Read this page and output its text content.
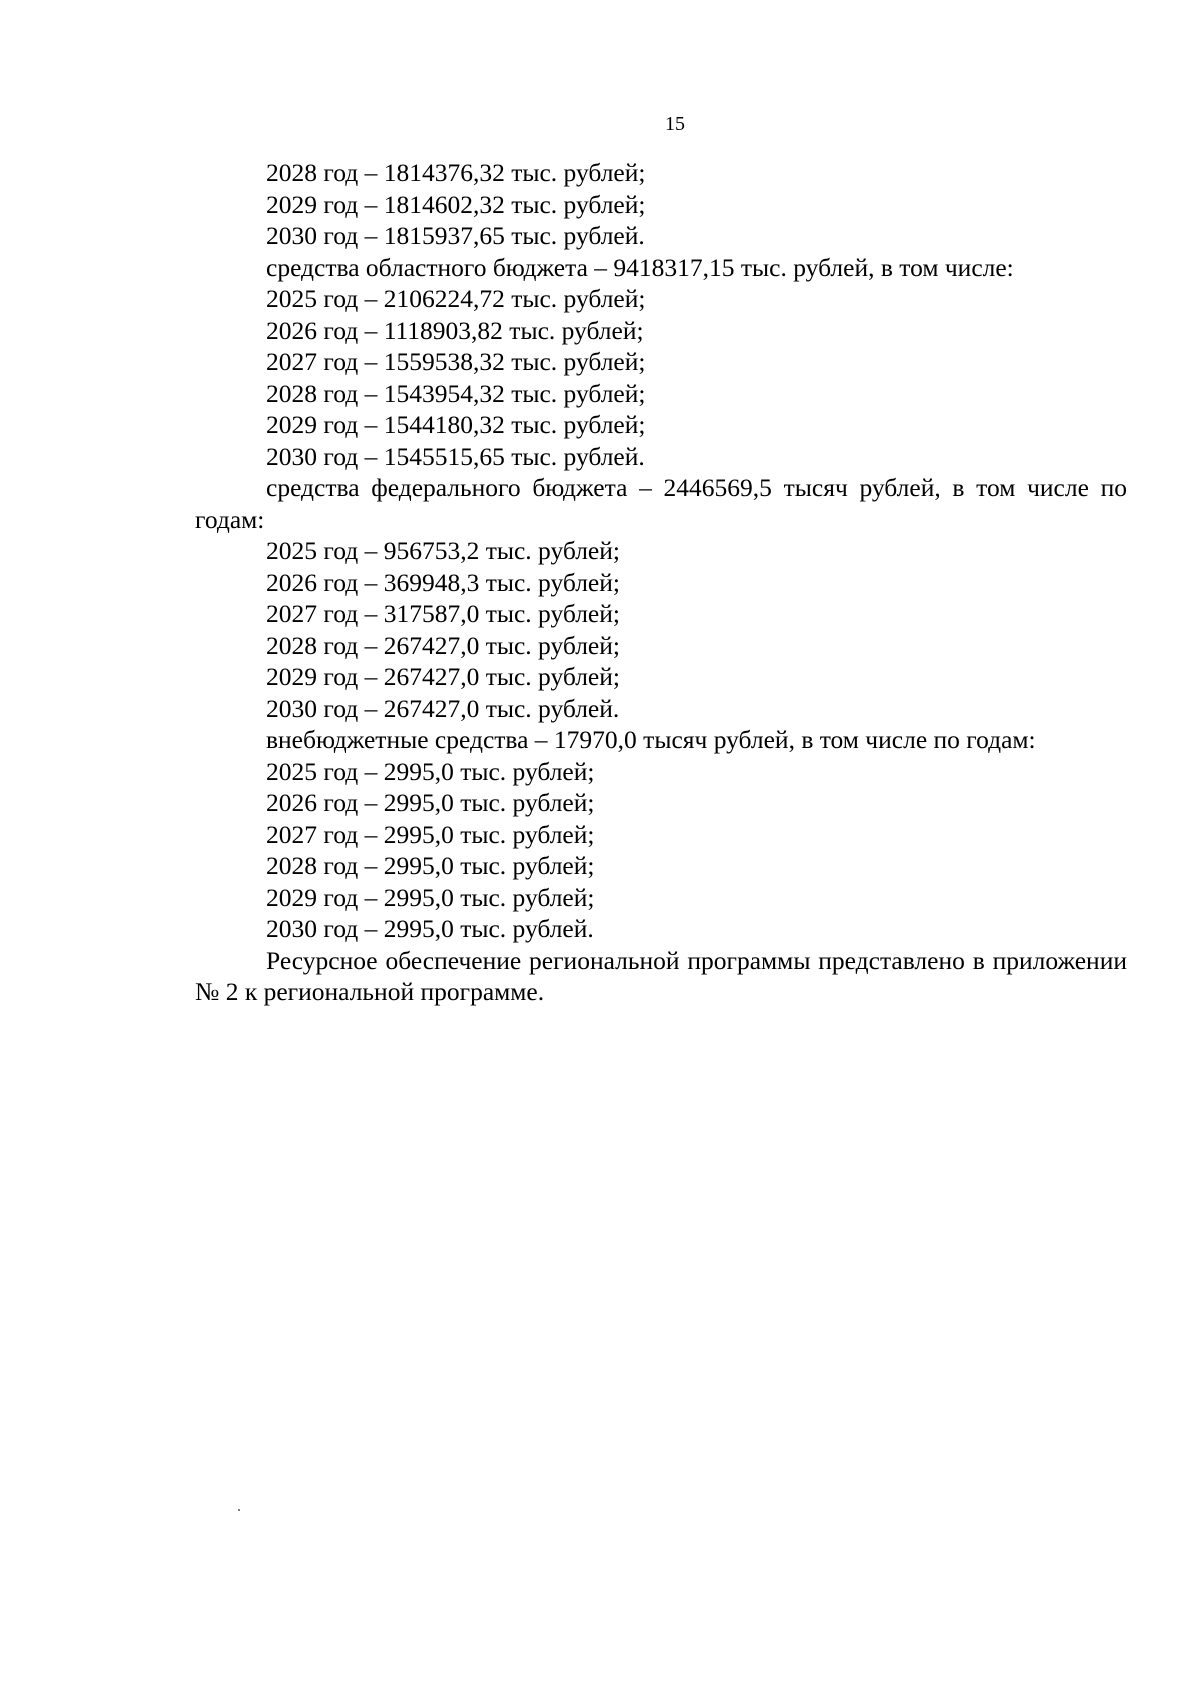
15
2028 год – 1814376,32 тыс. рублей;
2029 год – 1814602,32 тыс. рублей;
2030 год – 1815937,65 тыс. рублей.
средства областного бюджета – 9418317,15 тыс. рублей, в том числе:
2025 год – 2106224,72 тыс. рублей;
2026 год – 1118903,82 тыс. рублей;
2027 год – 1559538,32 тыс. рублей;
2028 год – 1543954,32 тыс. рублей;
2029 год – 1544180,32 тыс. рублей;
2030 год – 1545515,65 тыс. рублей.
средства федерального бюджета – 2446569,5 тысяч рублей, в том числе по годам:
2025 год – 956753,2 тыс. рублей;
2026 год – 369948,3 тыс. рублей;
2027 год – 317587,0 тыс. рублей;
2028 год – 267427,0 тыс. рублей;
2029 год – 267427,0 тыс. рублей;
2030 год – 267427,0 тыс. рублей.
внебюджетные средства – 17970,0 тысяч рублей, в том числе по годам:
2025 год – 2995,0 тыс. рублей;
2026 год – 2995,0 тыс. рублей;
2027 год – 2995,0 тыс. рублей;
2028 год – 2995,0 тыс. рублей;
2029 год – 2995,0 тыс. рублей;
2030 год – 2995,0 тыс. рублей.
Ресурсное обеспечение региональной программы представлено в приложении № 2 к региональной программе.
